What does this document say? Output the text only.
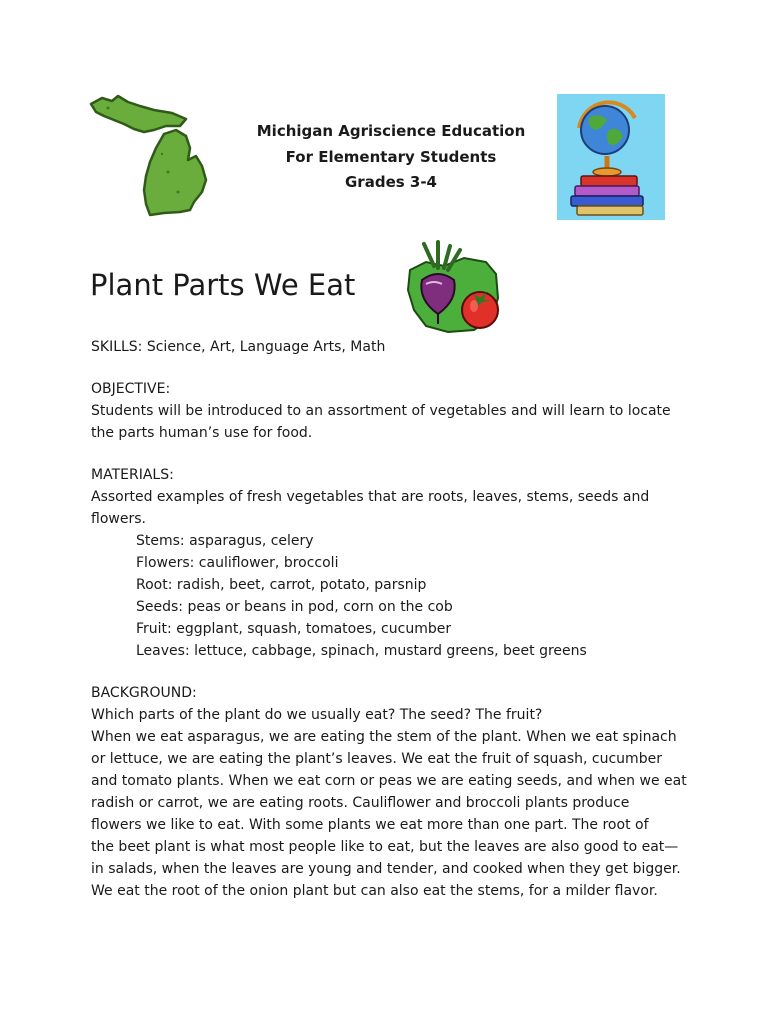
Michigan Agriscience Education
For Elementary Students
Grades 3-4
Plant Parts We Eat
SKILLS: Science, Art, Language Arts, Math
OBJECTIVE:
Students will be introduced to an assortment of vegetables and will learn to locate
the parts human’s use for food.
MATERIALS:
Assorted examples of fresh vegetables that are roots, leaves, stems, seeds and
flowers.
Stems: asparagus, celery
Flowers: cauliflower, broccoli
Root: radish, beet, carrot, potato, parsnip
Seeds: peas or beans in pod, corn on the cob
Fruit: eggplant, squash, tomatoes, cucumber
Leaves: lettuce, cabbage, spinach, mustard greens, beet greens
BACKGROUND:
Which parts of the plant do we usually eat? The seed? The fruit?
When we eat asparagus, we are eating the stem of the plant. When we eat spinach
or lettuce, we are eating the plant’s leaves. We eat the fruit of squash, cucumber
and tomato plants. When we eat corn or peas we are eating seeds, and when we eat
radish or carrot, we are eating roots. Cauliflower and broccoli plants produce
flowers we like to eat. With some plants we eat more than one part. The root of
the beet plant is what most people like to eat, but the leaves are also good to eat—
in salads, when the leaves are young and tender, and cooked when they get bigger.
We eat the root of the onion plant but can also eat the stems, for a milder flavor.
